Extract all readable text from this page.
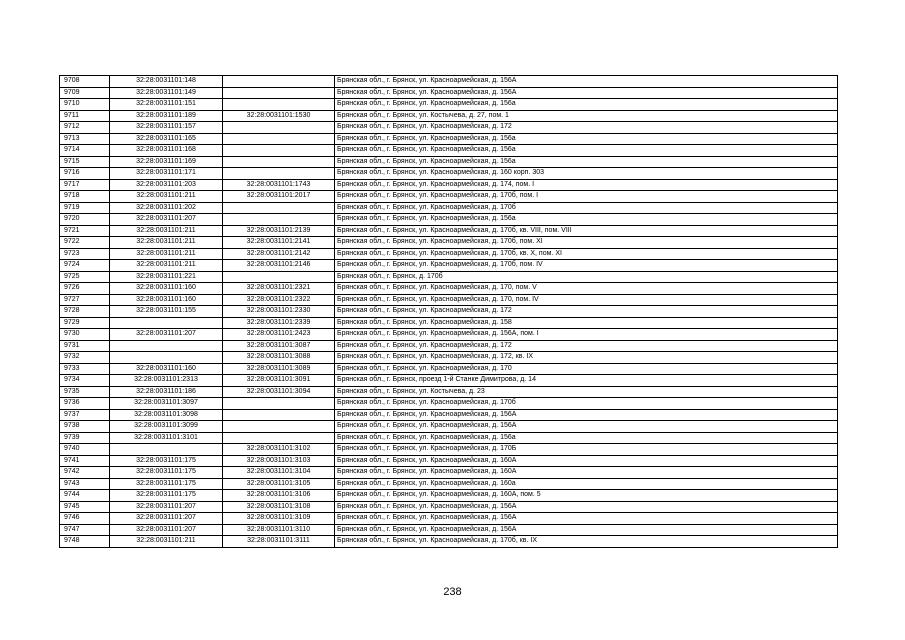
9708	32:28:0031101:148		Брянская обл., г. Брянск, ул. Красноармейская, д. 156А
9709	32:28:0031101:149		Брянская обл., г. Брянск, ул. Красноармейская, д. 156А
9710	32:28:0031101:151		Брянская обл., г. Брянск, ул. Красноармейская, д. 156а
9711	32:28:0031101:189	32:28:0031101:1530	Брянская обл., г. Брянск, ул. Костычева, д. 27, пом. 1
9712	32:28:0031101:157		Брянская обл., г. Брянск, ул. Красноармейская, д. 172
9713	32:28:0031101:165		Брянская обл., г. Брянск, ул. Красноармейская, д. 156а
9714	32:28:0031101:168		Брянская обл., г. Брянск, ул. Красноармейская, д. 156а
9715	32:28:0031101:169		Брянская обл., г. Брянск, ул. Красноармейская, д. 156а
9716	32:28:0031101:171		Брянская обл., г. Брянск, ул. Красноармейская, д. 160 корп. 303
9717	32:28:0031101:203	32:28:0031101:1743	Брянская обл., г. Брянск, ул. Красноармейская, д. 174, пом. I
9718	32:28:0031101:211	32:28:0031101:2017	Брянская обл., г. Брянск, ул. Красноармейская, д. 170б, пом. I
9719	32:28:0031101:202		Брянская обл., г. Брянск, ул. Красноармейская, д. 170б
9720	32:28:0031101:207		Брянская обл., г. Брянск, ул. Красноармейская, д. 156а
9721	32:28:0031101:211	32:28:0031101:2139	Брянская обл., г. Брянск, ул. Красноармейская, д. 170б, кв. VIII, пом. VIII
9722	32:28:0031101:211	32:28:0031101:2141	Брянская обл., г. Брянск, ул. Красноармейская, д. 170б, пом. XI
9723	32:28:0031101:211	32:28:0031101:2142	Брянская обл., г. Брянск, ул. Красноармейская, д. 170б, кв. X, пом. XI
9724	32:28:0031101:211	32:28:0031101:2146	Брянская обл., г. Брянск, ул. Красноармейская, д. 170б, пом. IV
9725	32:28:0031101:221		Брянская обл., г. Брянск, д. 170б
9726	32:28:0031101:160	32:28:0031101:2321	Брянская обл., г. Брянск, ул. Красноармейская, д. 170, пом. V
9727	32:28:0031101:160	32:28:0031101:2322	Брянская обл., г. Брянск, ул. Красноармейская, д. 170, пом. IV
9728	32:28:0031101:155	32:28:0031101:2330	Брянская обл., г. Брянск, ул. Красноармейская, д. 172
9729		32:28:0031101:2339	Брянская обл., г. Брянск, ул. Красноармейская, д. 158
9730	32:28:0031101:207	32:28:0031101:2423	Брянская обл., г. Брянск, ул. Красноармейская, д. 156А, пом. I
9731		32:28:0031101:3087	Брянская обл., г. Брянск, ул. Красноармейская, д. 172
9732		32:28:0031101:3088	Брянская обл., г. Брянск, ул. Красноармейская, д. 172, кв. IX
9733	32:28:0031101:160	32:28:0031101:3089	Брянская обл., г. Брянск, ул. Красноармейская, д. 170
9734	32:28:0031101:2313	32:28:0031101:3091	Брянская обл., г. Брянск, проезд 1-й Станке Димитрова, д. 14
9735	32:28:0031101:186	32:28:0031101:3094	Брянская обл., г. Брянск, ул. Костычева, д. 23
9736	32:28:0031101:3097		Брянская обл., г. Брянск, ул. Красноармейская, д. 170б
9737	32:28:0031101:3098		Брянская обл., г. Брянск, ул. Красноармейская, д. 156А
9738	32:28:0031101:3099		Брянская обл., г. Брянск, ул. Красноармейская, д. 156А
9739	32:28:0031101:3101		Брянская обл., г. Брянск, ул. Красноармейская, д. 156а
9740		32:28:0031101:3102	Брянская обл., г. Брянск, ул. Красноармейская, д. 170Б
9741	32:28:0031101:175	32:28:0031101:3103	Брянская обл., г. Брянск, ул. Красноармейская, д. 160А
9742	32:28:0031101:175	32:28:0031101:3104	Брянская обл., г. Брянск, ул. Красноармейская, д. 160А
9743	32:28:0031101:175	32:28:0031101:3105	Брянская обл., г. Брянск, ул. Красноармейская, д. 160а
9744	32:28:0031101:175	32:28:0031101:3106	Брянская обл., г. Брянск, ул. Красноармейская, д. 160А, пом. 5
9745	32:28:0031101:207	32:28:0031101:3108	Брянская обл., г. Брянск, ул. Красноармейская, д. 156А
9746	32:28:0031101:207	32:28:0031101:3109	Брянская обл., г. Брянск, ул. Красноармейская, д. 156А
9747	32:28:0031101:207	32:28:0031101:3110	Брянская обл., г. Брянск, ул. Красноармейская, д. 156А
9748	32:28:0031101:211	32:28:0031101:3111	Брянская обл., г. Брянск, ул. Красноармейская, д. 170б, кв. IX
238
